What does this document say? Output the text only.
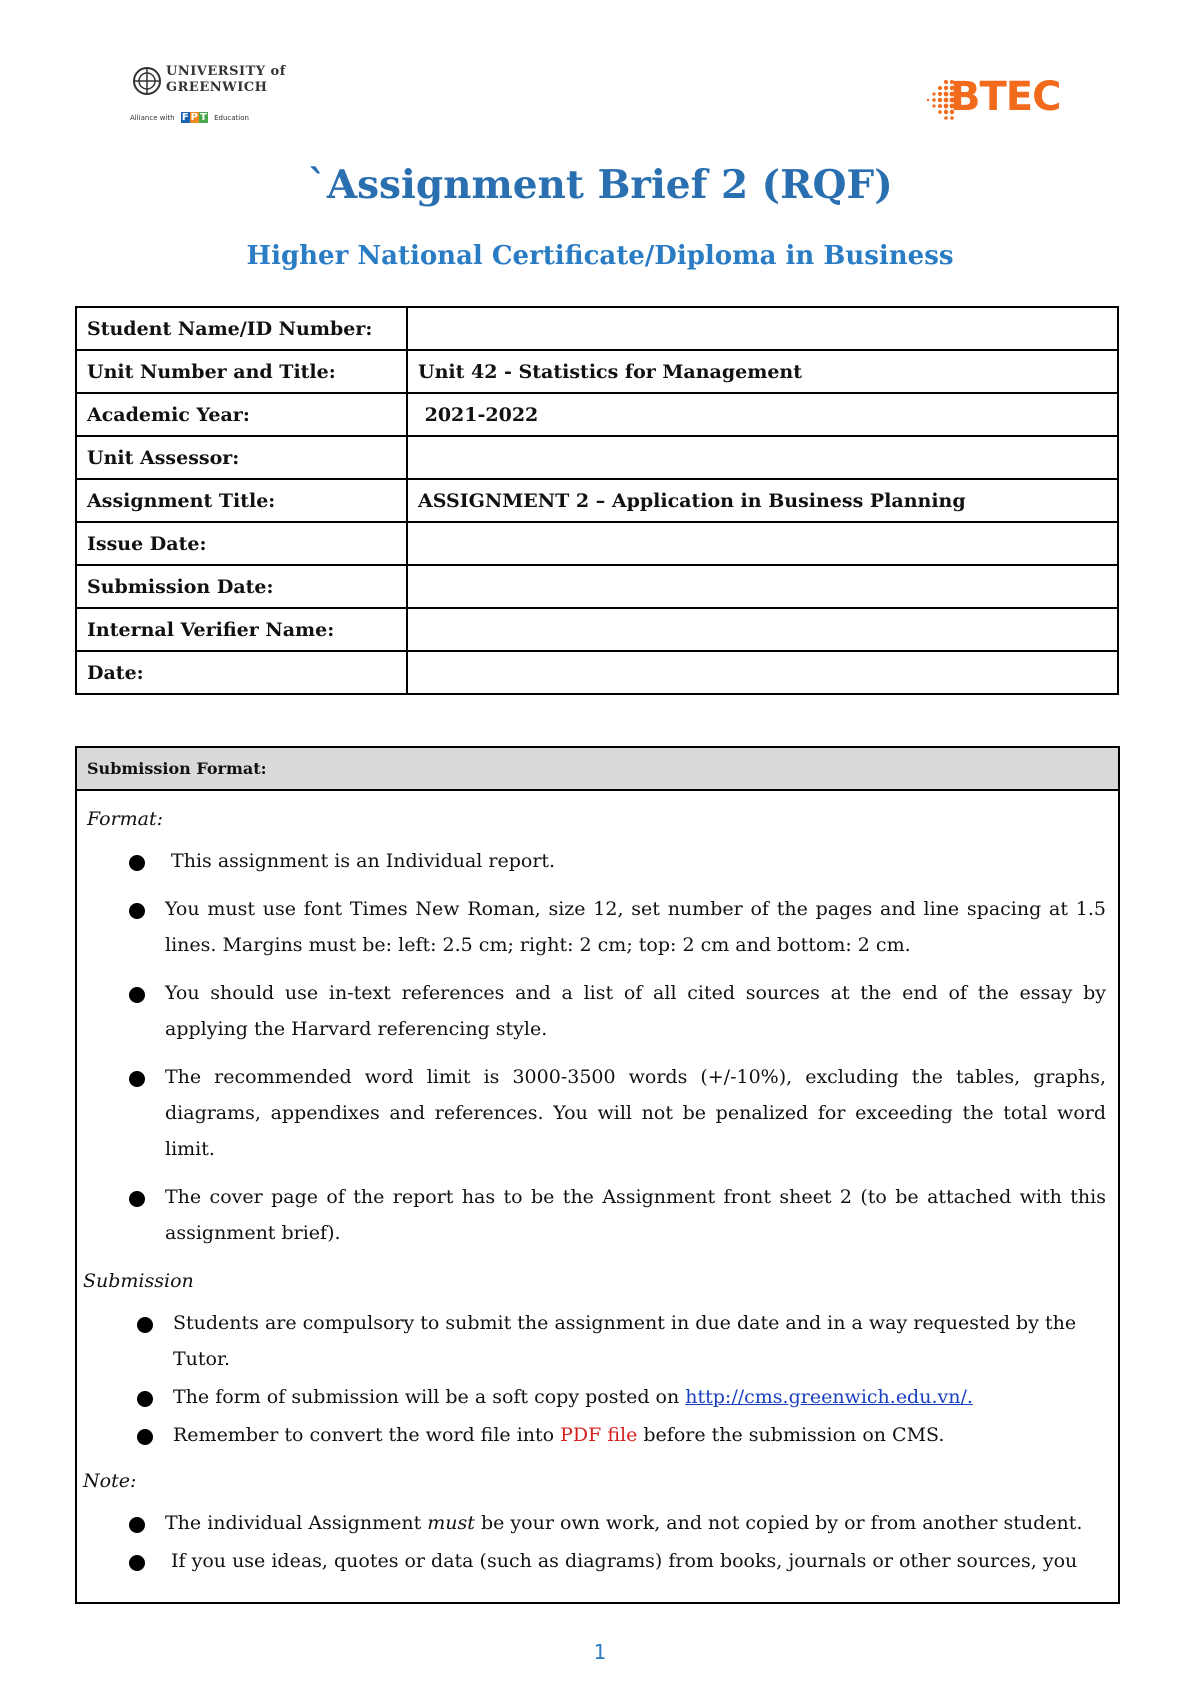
UNIVERSITY of
GREENWICH
Alliance with F P T Education	BTEC
`Assignment Brief 2 (RQF)
Higher National Certificate/Diploma in Business
Student Name/ID Number:	
Unit Number and Title:	Unit 42 - Statistics for Management
Academic Year:	2021-2022
Unit Assessor:	
Assignment Title:	ASSIGNMENT 2 – Application in Business Planning
Issue Date:	
Submission Date:	
Internal Verifier Name:	
Date:	
Submission Format:
Format:
This assignment is an Individual report.
You must use font Times New Roman, size 12, set number of the pages and line spacing at 1.5 lines. Margins must be: left: 2.5 cm; right: 2 cm; top: 2 cm and bottom: 2 cm.
You should use in-text references and a list of all cited sources at the end of the essay by applying the Harvard referencing style.
The recommended word limit is 3000-3500 words (+/-10%), excluding the tables, graphs, diagrams, appendixes and references. You will not be penalized for exceeding the total word limit.
The cover page of the report has to be the Assignment front sheet 2 (to be attached with this assignment brief).
Submission
Students are compulsory to submit the assignment in due date and in a way requested by the Tutor.
The form of submission will be a soft copy posted on http://cms.greenwich.edu.vn/.
Remember to convert the word file into PDF file before the submission on CMS.
Note:
The individual Assignment must be your own work, and not copied by or from another student.
If you use ideas, quotes or data (such as diagrams) from books, journals or other sources, you
1
